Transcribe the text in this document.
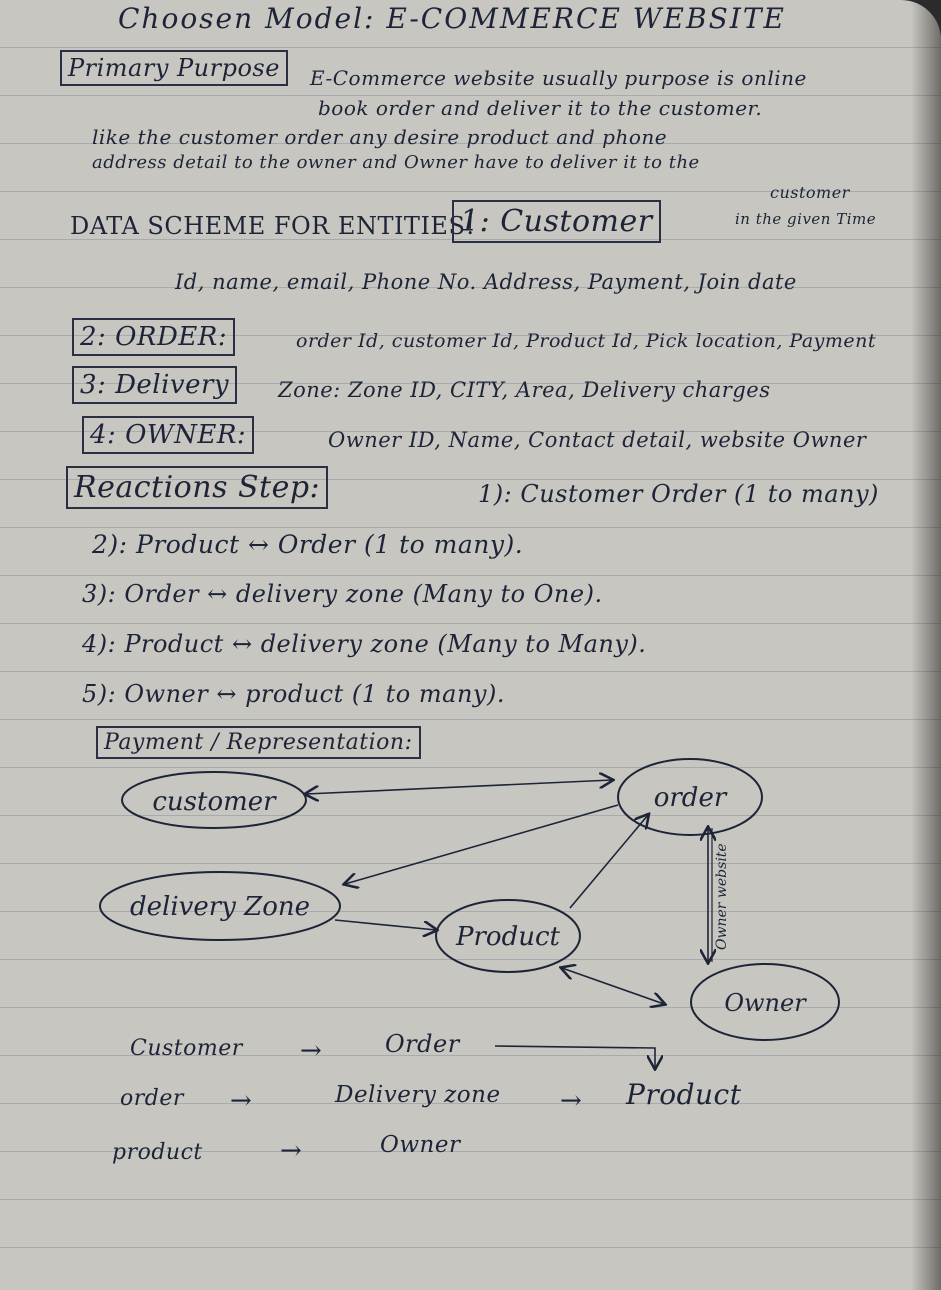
Choosen Model: E-COMMERCE WEBSITE
Primary Purpose	E-Commerce website usually purpose is online
book order and deliver it to the customer.
like the customer order any desire product and phone
address detail to the owner and Owner have to deliver it to the
customer
in the given Time
DATA SCHEME FOR ENTITIES!
1: Customer
Id, name, email, Phone No. Address, Payment, Join date
2: ORDER:	order Id, customer Id, Product Id, Pick location, Payment
3: Delivery	Zone: Zone ID, CITY, Area, Delivery charges
4: OWNER:	Owner ID, Name, Contact detail, website Owner
Reactions Step:	1): Customer Order (1 to many)
2): Product ↔ Order (1 to many).
3): Order ↔ delivery zone (Many to One).
4): Product ↔ delivery zone (Many to Many).
5): Owner ↔ product (1 to many).
Payment / Representation:
customer	order
delivery Zone
Product
Owner
Owner website
Customer →	Order
order →	Delivery zone → Product
product	→	Owner
